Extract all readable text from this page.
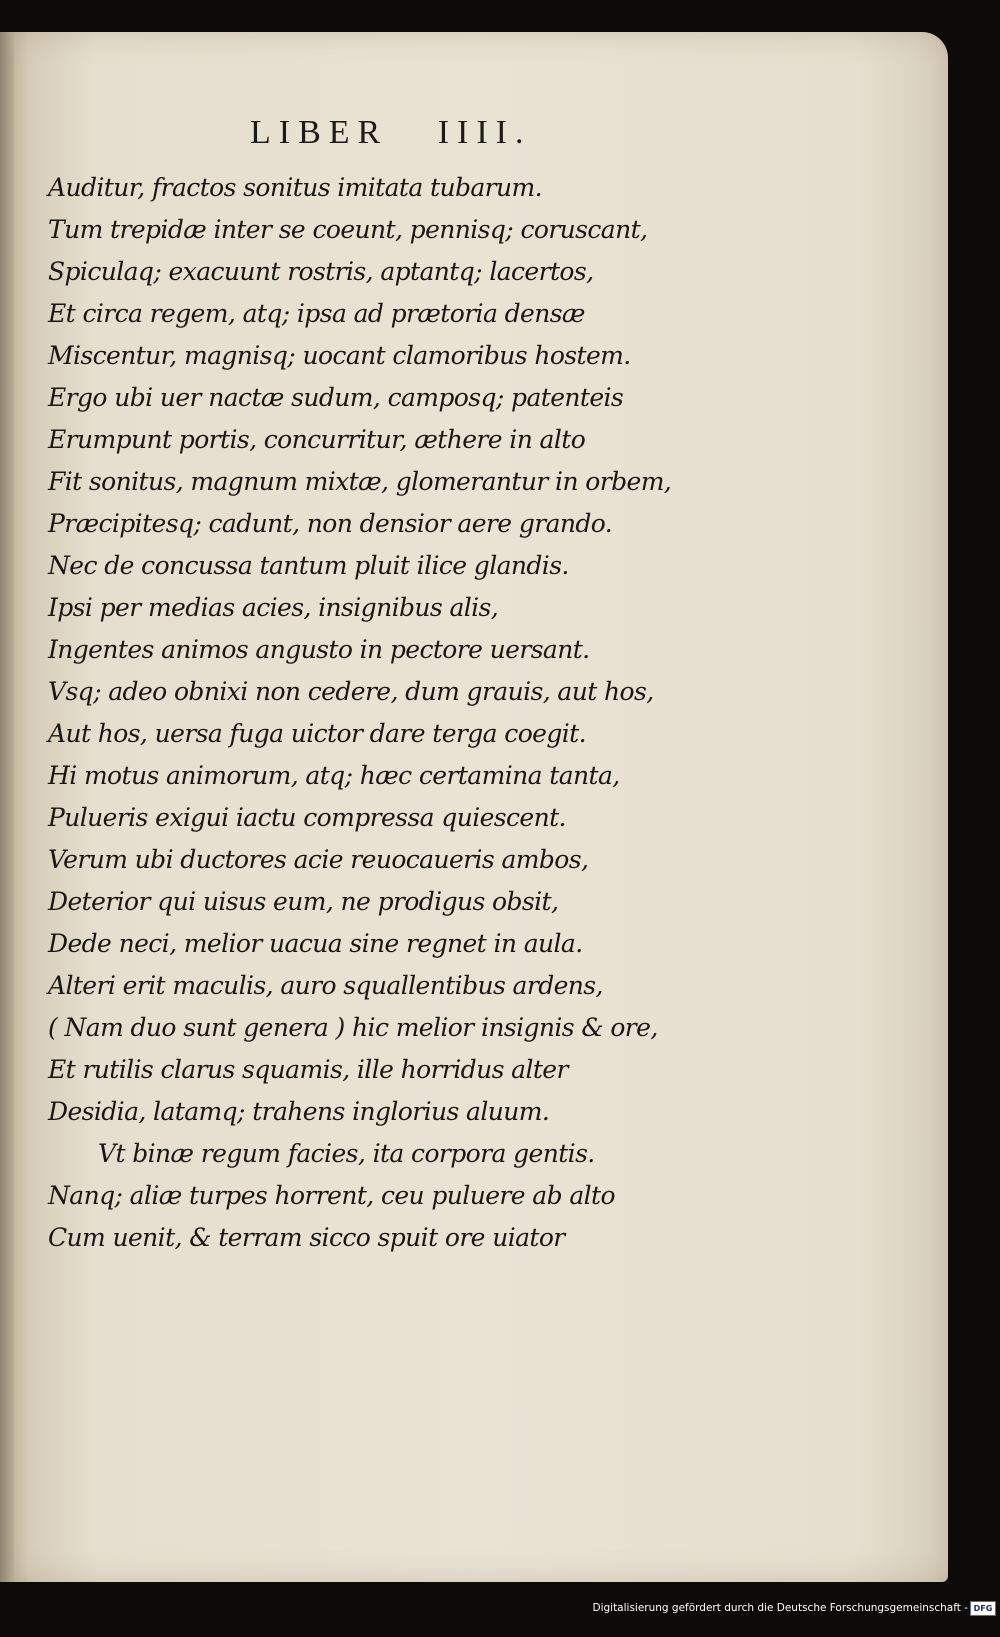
LIBER   IIII.
Auditur, fractos sonitus imitata tubarum.
Tum trepidæ inter se coeunt, pennisq; coruscant,
Spiculaq; exacuunt rostris, aptantq; lacertos,
Et circa regem, atq; ipsa ad prætoria densæ
Miscentur, magnisq; uocant clamoribus hostem.
Ergo ubi uer nactæ sudum, camposq; patenteis
Erumpunt portis, concurritur, æthere in alto
Fit sonitus, magnum mixtæ, glomerantur in orbem,
Præcipitesq; cadunt, non densior aere grando.
Nec de concussa tantum pluit ilice glandis.
Ipsi per medias acies, insignibus alis,
Ingentes animos angusto in pectore uersant.
Vsq; adeo obnixi non cedere, dum grauis, aut hos,
Aut hos, uersa fuga uictor dare terga coegit.
Hi motus animorum, atq; hæc certamina tanta,
Pulueris exigui iactu compressa quiescent.
Verum ubi ductores acie reuocaueris ambos,
Deterior qui uisus eum, ne prodigus obsit,
Dede neci, melior uacua sine regnet in aula.
Alteri erit maculis, auro squallentibus ardens,
( Nam duo sunt genera ) hic melior insignis & ore,
Et rutilis clarus squamis, ille horridus alter
Desidia, latamq; trahens inglorius aluum.
Vt binæ regum facies, ita corpora gentis.
Nanq; aliæ turpes horrent, ceu puluere ab alto
Cum uenit, & terram sicco spuit ore uiator
Digitalisierung gefördert durch die Deutsche Forschungsgemeinschaft - DFG
